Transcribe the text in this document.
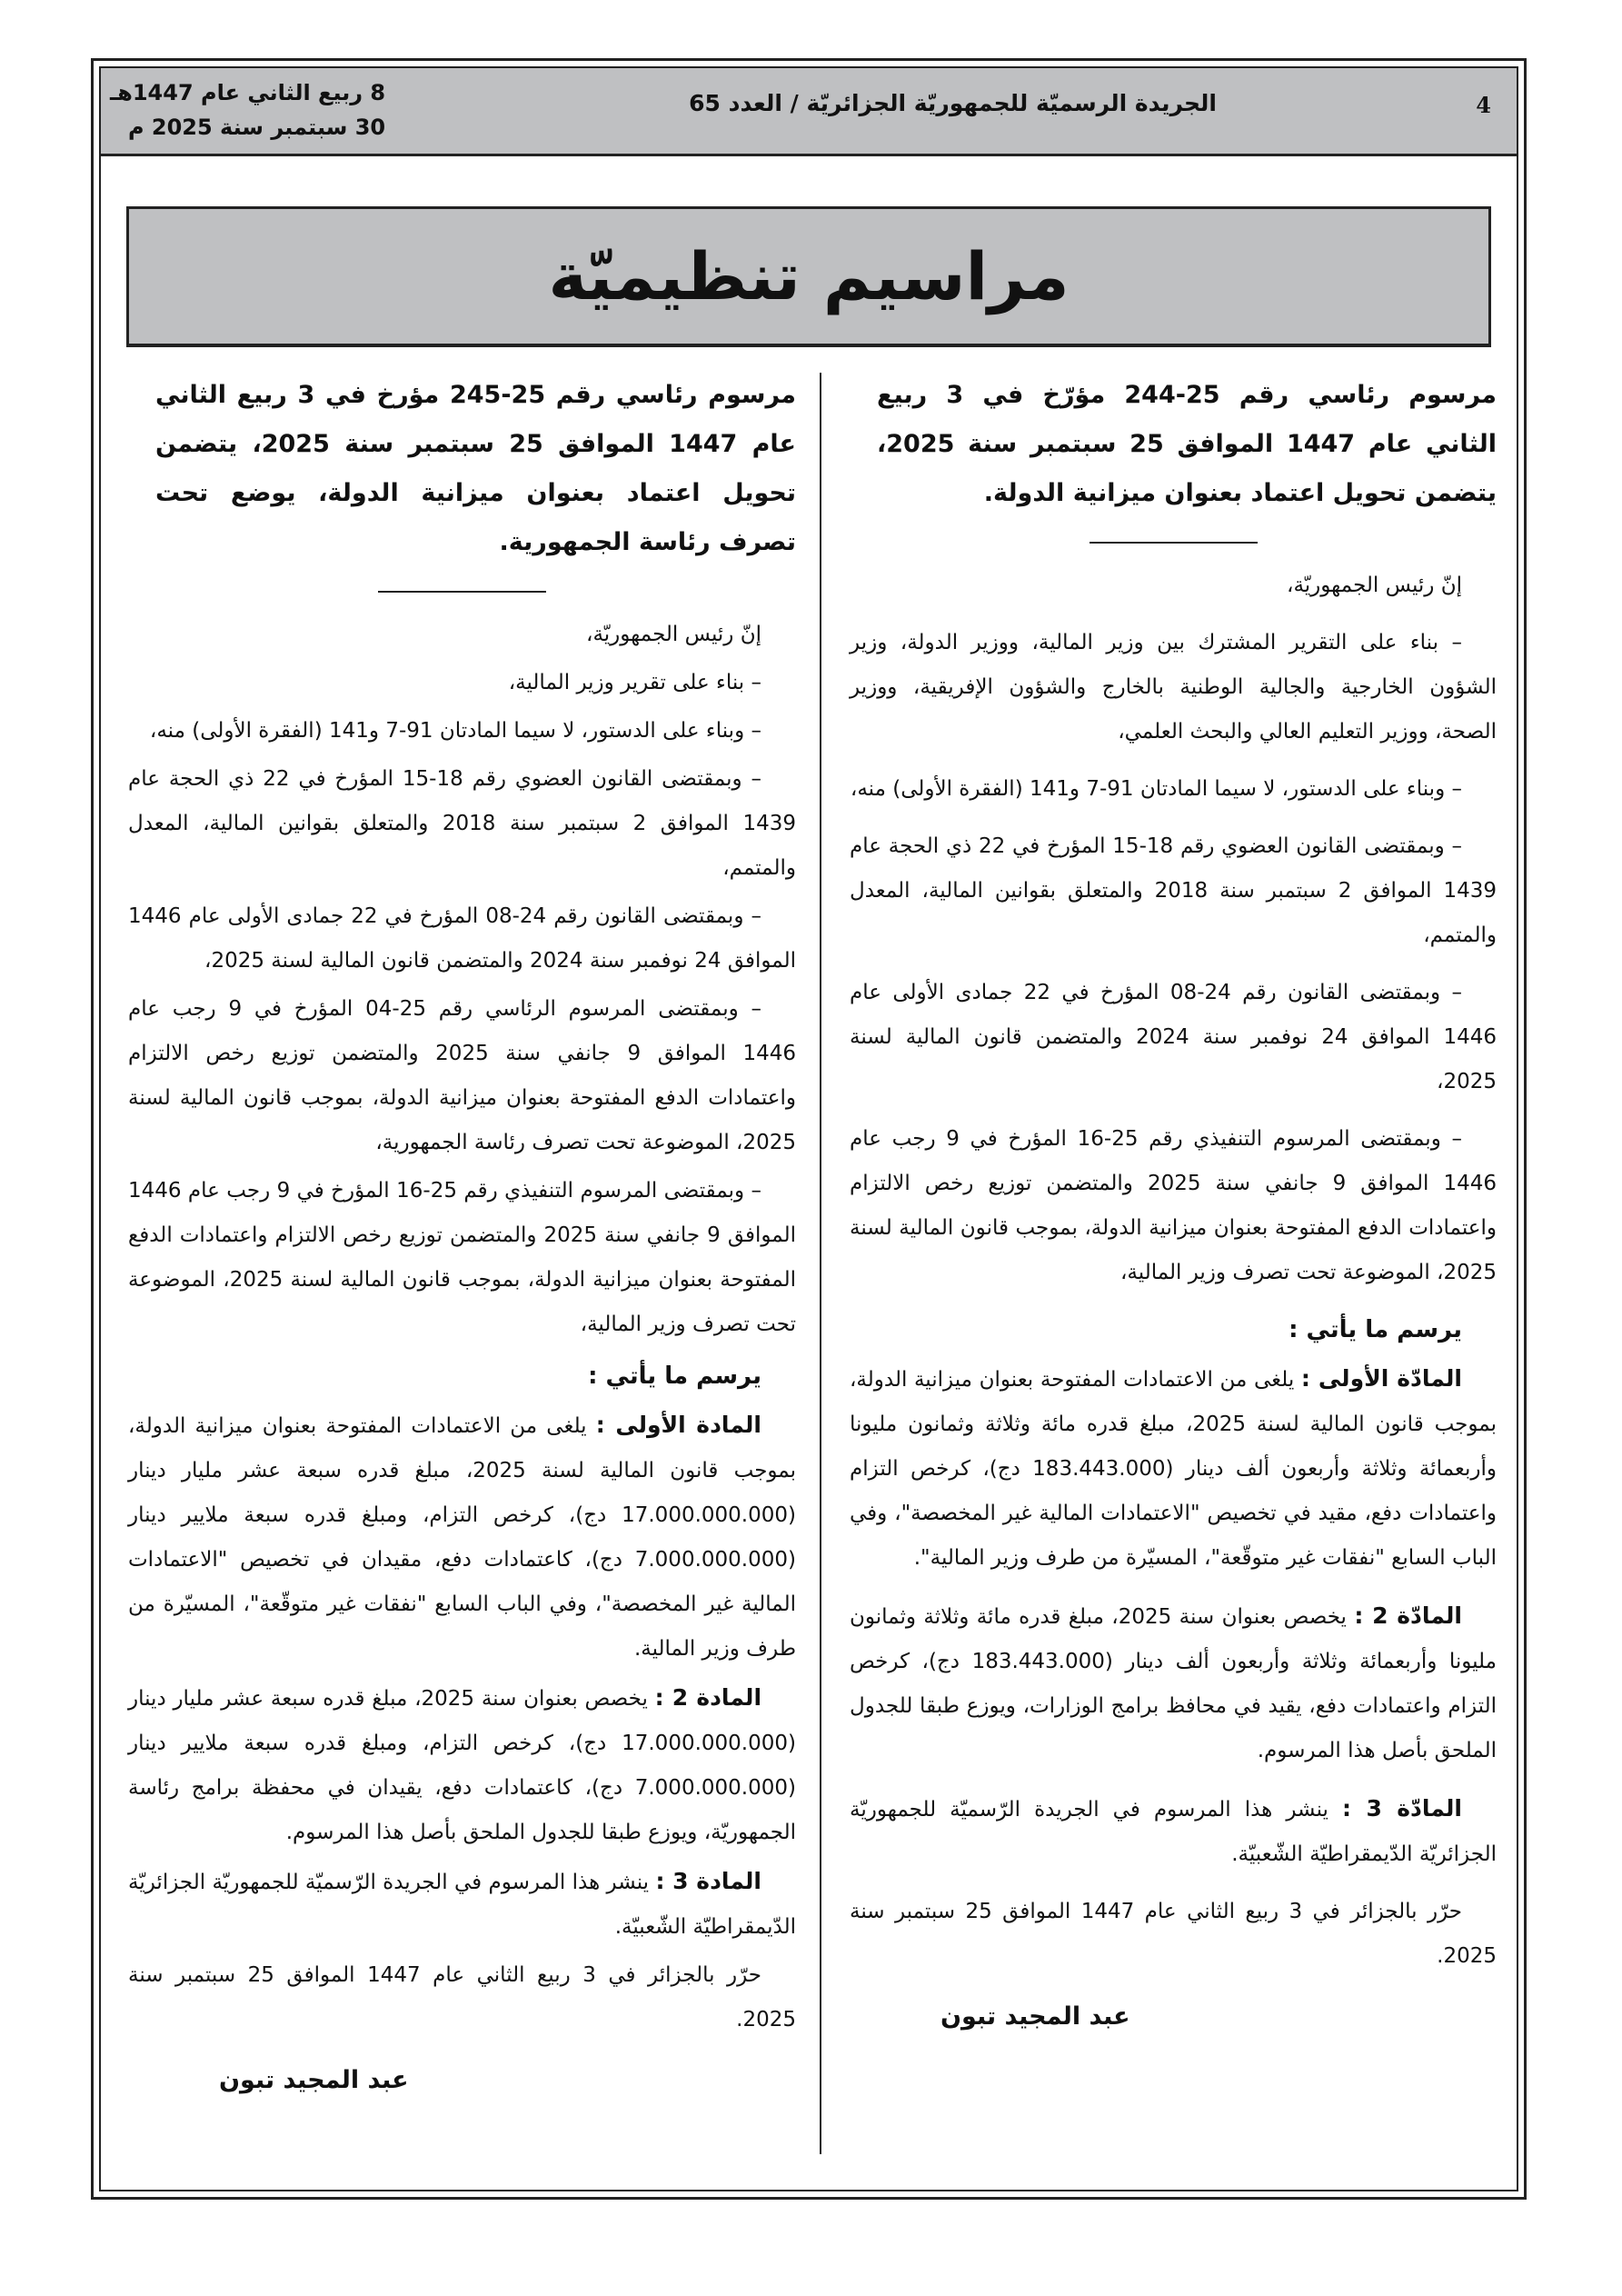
4
الجريدة الرسميّة للجمهوريّة الجزائريّة / العدد 65
8 ربيع الثاني عام 1447هـ
30 سبتمبر سنة 2025 م
مراسيم تنظيميّة

مرسوم رئاسي رقم 25-244 مؤرّخ في 3 ربيع الثاني عام 1447 الموافق 25 سبتمبر سنة 2025، يتضمن تحويل اعتماد بعنوان ميزانية الدولة.

إنّ رئيس الجمهوريّة،

– بناء على التقرير المشترك بين وزير المالية، ووزير الدولة، وزير الشؤون الخارجية والجالية الوطنية بالخارج والشؤون الإفريقية، ووزير الصحة، ووزير التعليم العالي والبحث العلمي،

– وبناء على الدستور، لا سيما المادتان 91-7 و141 (الفقرة الأولى) منه،

– وبمقتضى القانون العضوي رقم 18-15 المؤرخ في 22 ذي الحجة عام 1439 الموافق 2 سبتمبر سنة 2018 والمتعلق بقوانين المالية، المعدل والمتمم،

– وبمقتضى القانون رقم 24-08 المؤرخ في 22 جمادى الأولى عام 1446 الموافق 24 نوفمبر سنة 2024 والمتضمن قانون المالية لسنة 2025،

– وبمقتضى المرسوم التنفيذي رقم 25-16 المؤرخ في 9 رجب عام 1446 الموافق 9 جانفي سنة 2025 والمتضمن توزيع رخص الالتزام واعتمادات الدفع المفتوحة بعنوان ميزانية الدولة، بموجب قانون المالية لسنة 2025، الموضوعة تحت تصرف وزير المالية،

يرسم ما يأتي :

المادّة الأولى : يلغى من الاعتمادات المفتوحة بعنوان ميزانية الدولة، بموجب قانون المالية لسنة 2025، مبلغ قدره مائة وثلاثة وثمانون مليونا وأربعمائة وثلاثة وأربعون ألف دينار (183.443.000 دج)، كرخص التزام واعتمادات دفع، مقيد في تخصيص "الاعتمادات المالية غير المخصصة"، وفي الباب السابع "نفقات غير متوقّعة"، المسيّرة من طرف وزير المالية".

المادّة 2 : يخصص بعنوان سنة 2025، مبلغ قدره مائة وثلاثة وثمانون مليونا وأربعمائة وثلاثة وأربعون ألف دينار (183.443.000 دج)، كرخص التزام واعتمادات دفع، يقيد في محافظ برامج الوزارات، ويوزع طبقا للجدول الملحق بأصل هذا المرسوم.

المادّة 3 : ينشر هذا المرسوم في الجريدة الرّسميّة للجمهوريّة الجزائريّة الدّيمقراطيّة الشّعبيّة.

حرّر بالجزائر في 3 ربيع الثاني عام 1447 الموافق 25 سبتمبر سنة 2025.

عبد المجيد تبون

مرسوم رئاسي رقم 25-245 مؤرخ في 3 ربيع الثاني عام 1447 الموافق 25 سبتمبر سنة 2025، يتضمن تحويل اعتماد بعنوان ميزانية الدولة، يوضع تحت تصرف رئاسة الجمهورية.

إنّ رئيس الجمهوريّة،

– بناء على تقرير وزير المالية،

– وبناء على الدستور، لا سيما المادتان 91-7 و141 (الفقرة الأولى) منه،

– وبمقتضى القانون العضوي رقم 18-15 المؤرخ في 22 ذي الحجة عام 1439 الموافق 2 سبتمبر سنة 2018 والمتعلق بقوانين المالية، المعدل والمتمم،

– وبمقتضى القانون رقم 24-08 المؤرخ في 22 جمادى الأولى عام 1446 الموافق 24 نوفمبر سنة 2024 والمتضمن قانون المالية لسنة 2025،

– وبمقتضى المرسوم الرئاسي رقم 25-04 المؤرخ في 9 رجب عام 1446 الموافق 9 جانفي سنة 2025 والمتضمن توزيع رخص الالتزام واعتمادات الدفع المفتوحة بعنوان ميزانية الدولة، بموجب قانون المالية لسنة 2025، الموضوعة تحت تصرف رئاسة الجمهورية،

– وبمقتضى المرسوم التنفيذي رقم 25-16 المؤرخ في 9 رجب عام 1446 الموافق 9 جانفي سنة 2025 والمتضمن توزيع رخص الالتزام واعتمادات الدفع المفتوحة بعنوان ميزانية الدولة، بموجب قانون المالية لسنة 2025، الموضوعة تحت تصرف وزير المالية،

يرسم ما يأتي :

المادة الأولى : يلغى من الاعتمادات المفتوحة بعنوان ميزانية الدولة، بموجب قانون المالية لسنة 2025، مبلغ قدره سبعة عشر مليار دينار (17.000.000.000 دج)، كرخص التزام، ومبلغ قدره سبعة ملايير دينار (7.000.000.000 دج)، كاعتمادات دفع، مقيدان في تخصيص "الاعتمادات المالية غير المخصصة"، وفي الباب السابع "نفقات غير متوقّعة"، المسيّرة من طرف وزير المالية.

المادة 2 : يخصص بعنوان سنة 2025، مبلغ قدره سبعة عشر مليار دينار (17.000.000.000 دج)، كرخص التزام، ومبلغ قدره سبعة ملايير دينار (7.000.000.000 دج)، كاعتمادات دفع، يقيدان في محفظة برامج رئاسة الجمهوريّة، ويوزع طبقا للجدول الملحق بأصل هذا المرسوم.

المادة 3 : ينشر هذا المرسوم في الجريدة الرّسميّة للجمهوريّة الجزائريّة الدّيمقراطيّة الشّعبيّة.

حرّر بالجزائر في 3 ربيع الثاني عام 1447 الموافق 25 سبتمبر سنة 2025.

عبد المجيد تبون
